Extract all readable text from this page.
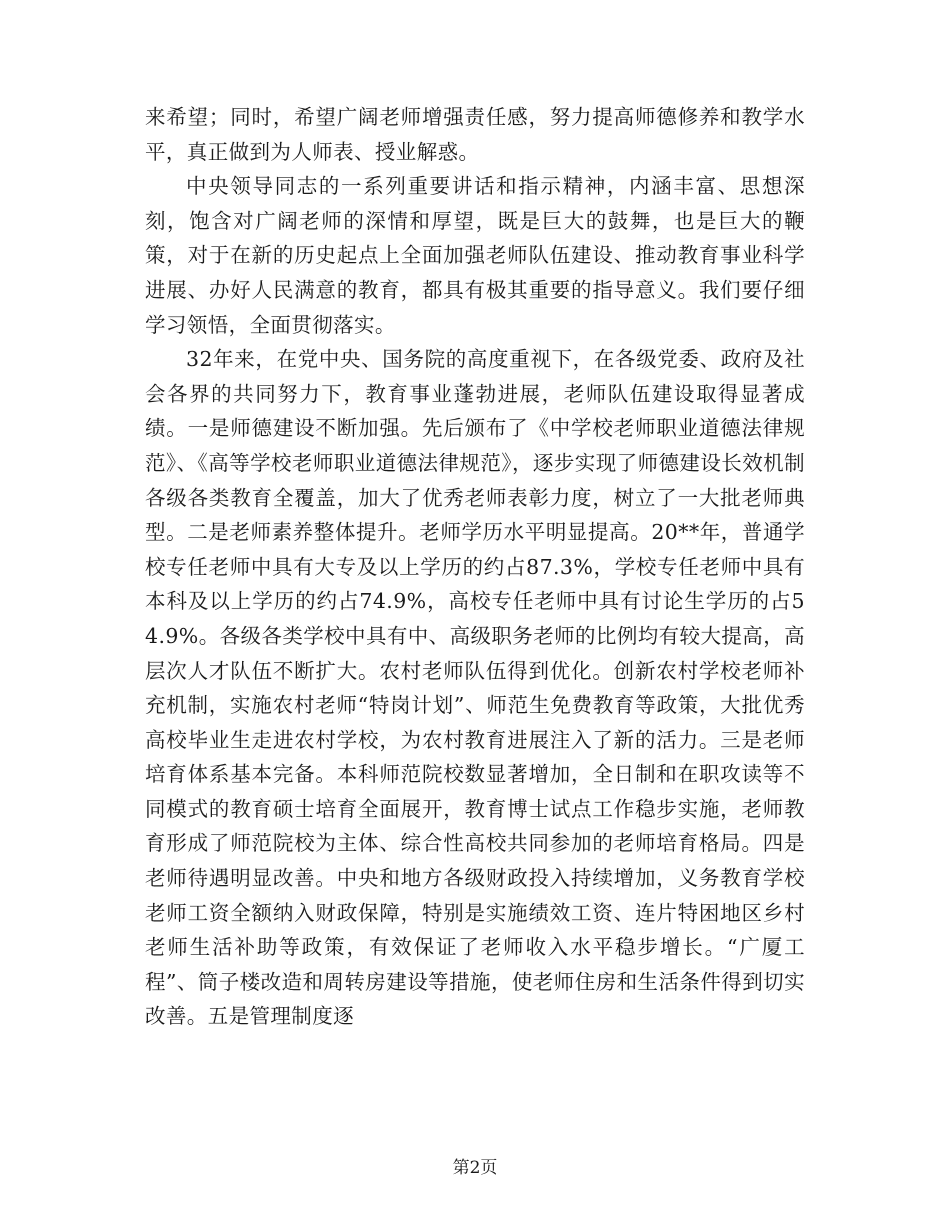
来希望；同时，希望广阔老师增强责任感，努力提高师德修养和教学水平，真正做到为人师表、授业解惑。

中央领导同志的一系列重要讲话和指示精神，内涵丰富、思想深刻，饱含对广阔老师的深情和厚望，既是巨大的鼓舞，也是巨大的鞭策，对于在新的历史起点上全面加强老师队伍建设、推动教育事业科学进展、办好人民满意的教育，都具有极其重要的指导意义。我们要仔细学习领悟，全面贯彻落实。

32年来，在党中央、国务院的高度重视下，在各级党委、政府及社会各界的共同努力下，教育事业蓬勃进展，老师队伍建设取得显著成绩。一是师德建设不断加强。先后颁布了《中学校老师职业道德法律规范》、《高等学校老师职业道德法律规范》，逐步实现了师德建设长效机制各级各类教育全覆盖，加大了优秀老师表彰力度，树立了一大批老师典型。二是老师素养整体提升。老师学历水平明显提高。20**年，普通学校专任老师中具有大专及以上学历的约占87.3%，学校专任老师中具有本科及以上学历的约占74.9%，高校专任老师中具有讨论生学历的占54.9%。各级各类学校中具有中、高级职务老师的比例均有较大提高，高层次人才队伍不断扩大。农村老师队伍得到优化。创新农村学校老师补充机制，实施农村老师“特岗计划”、师范生免费教育等政策，大批优秀高校毕业生走进农村学校，为农村教育进展注入了新的活力。三是老师培育体系基本完备。本科师范院校数显著增加，全日制和在职攻读等不同模式的教育硕士培育全面展开，教育博士试点工作稳步实施，老师教育形成了师范院校为主体、综合性高校共同参加的老师培育格局。四是老师待遇明显改善。中央和地方各级财政投入持续增加，义务教育学校老师工资全额纳入财政保障，特别是实施绩效工资、连片特困地区乡村老师生活补助等政策，有效保证了老师收入水平稳步增长。“广厦工程”、筒子楼改造和周转房建设等措施，使老师住房和生活条件得到切实改善。五是管理制度逐

第2页
